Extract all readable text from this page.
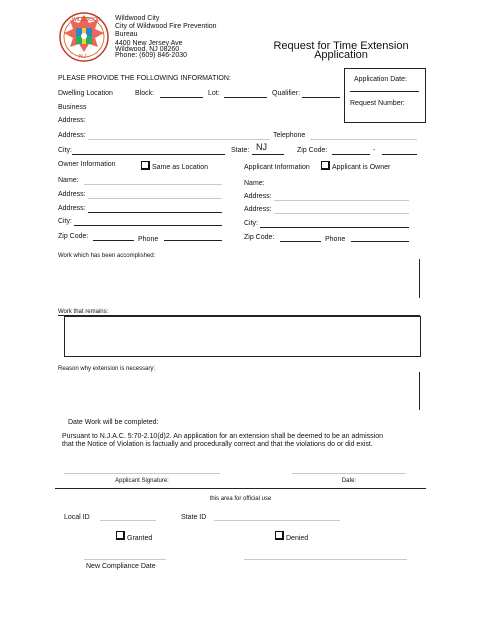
WILDWOOD
N.J.
Wildwood City
City of Wildwood Fire Prevention
Bureau
4400 New Jersey Ave
Wildwood, NJ 08260
Phone: (609) 846-2030
Request for Time Extension
Application
Application Date:
Request Number:
PLEASE PROVIDE THE FOLLOWING INFORMATION:
Dwelling Location	Block:	Lot:	Qualifier:
Business
Address:
Address:	Telephone
City:	State: NJ	Zip Code:	-
Owner Information	Same as Location
Name:
Address:
Address:
City:
Zip Code:	Phone
Applicant Information	Applicant is Owner
Name:
Address:
Address:
City:
Zip Code:	Phone
Work which has been accomplished:
Work that remains:
Reason why extension is necessary:
Date Work will be completed:
Pursuant to N.J.A.C. 5:70-2.10(d)2. An application for an extension shall be deemed to be an admission that the Notice of Violation is factually and procedurally correct and that the violations do or did exist.
Applicant Signature:	Date:
this area for official use
Local ID	State ID
Granted	Denied
New Compliance Date
